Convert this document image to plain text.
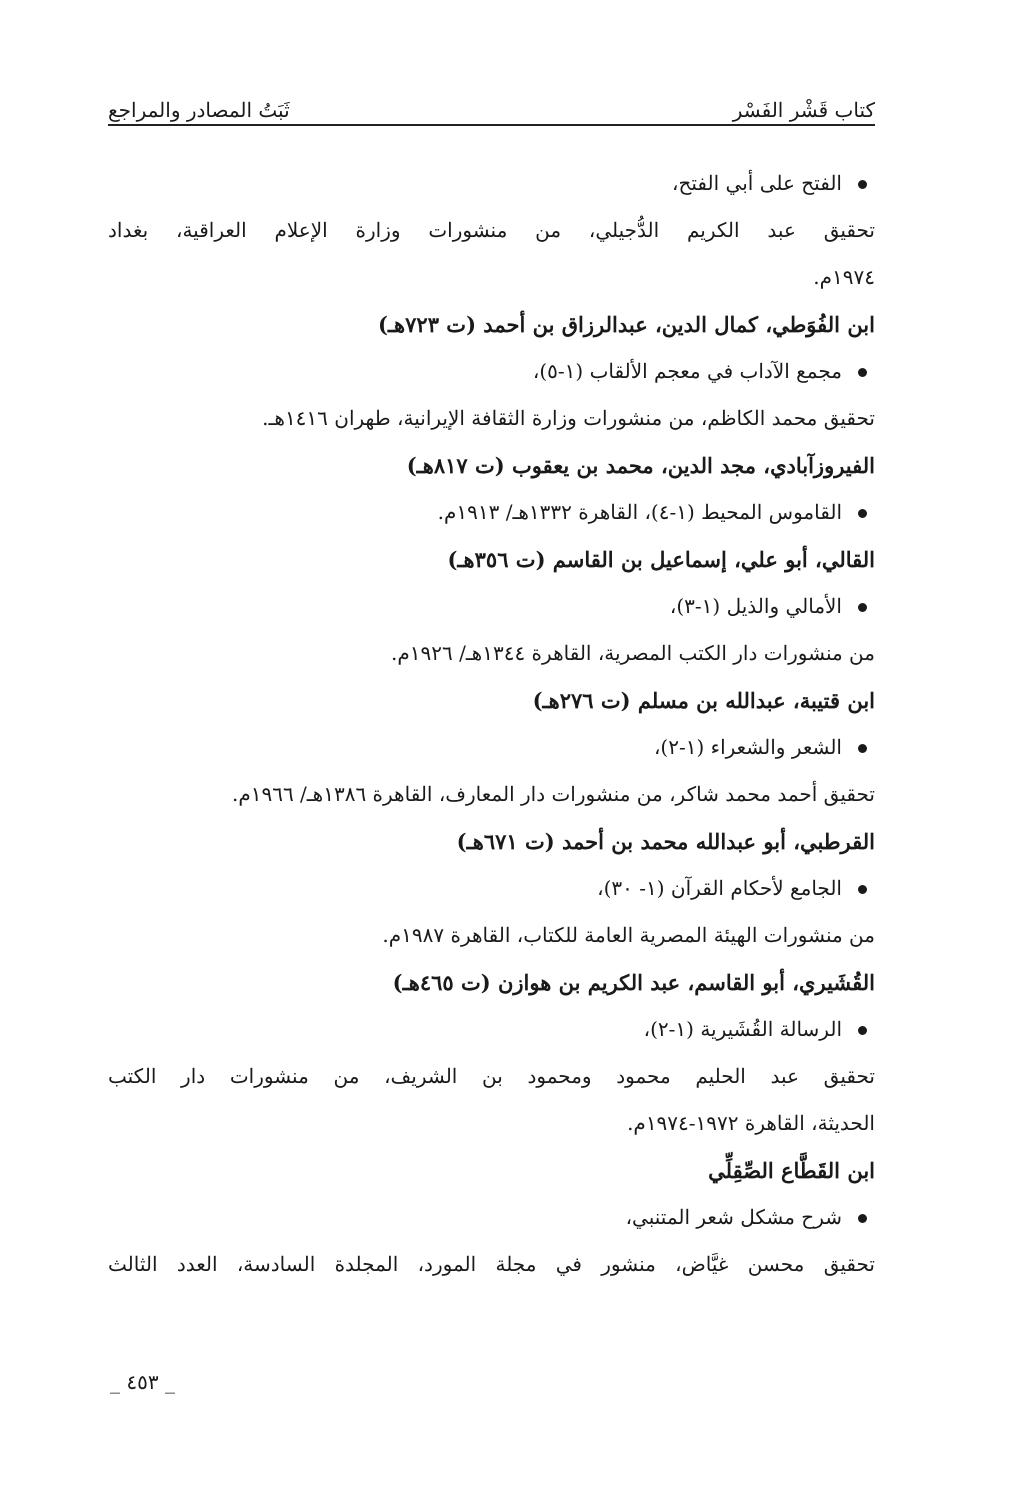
كتاب قَشْر الفَسْر
ثَبَتُ المصادر والمراجع
الفتح على أبي الفتح،
تحقيق عبد الكريم الدُّجيلي، من منشورات وزارة الإعلام العراقية، بغداد
١٩٧٤م.
ابن الفُوَطي، كمال الدين، عبدالرزاق بن أحمد (ت ٧٢٣هـ)
مجمع الآداب في معجم الألقاب (١-٥)،
تحقيق محمد الكاظم، من منشورات وزارة الثقافة الإيرانية، طهران ١٤١٦هـ.
الفيروزآبادي، مجد الدين، محمد بن يعقوب (ت ٨١٧هـ)
القاموس المحيط (١-٤)، القاهرة ١٣٣٢هـ/ ١٩١٣م.
القالي، أبو علي، إسماعيل بن القاسم (ت ٣٥٦هـ)
الأمالي والذيل (١-٣)،
من منشورات دار الكتب المصرية، القاهرة ١٣٤٤هـ/ ١٩٢٦م.
ابن قتيبة، عبدالله بن مسلم (ت ٢٧٦هـ)
الشعر والشعراء (١-٢)،
تحقيق أحمد محمد شاكر، من منشورات دار المعارف، القاهرة ١٣٨٦هـ/ ١٩٦٦م.
القرطبي، أبو عبدالله محمد بن أحمد (ت ٦٧١هـ)
الجامع لأحكام القرآن (١- ٣٠)،
من منشورات الهيئة المصرية العامة للكتاب، القاهرة ١٩٨٧م.
القُشَيري، أبو القاسم، عبد الكريم بن هوازن (ت ٤٦٥هـ)
الرسالة القُشَيرية (١-٢)،
تحقيق عبد الحليم محمود ومحمود بن الشريف، من منشورات دار الكتب
الحديثة، القاهرة ١٩٧٢-١٩٧٤م.
ابن القَطَّاع الصِّقِلِّي
شرح مشكل شعر المتنبي،
تحقيق محسن غيَّاض، منشور في مجلة المورد، المجلدة السادسة، العدد الثالث
_ ٤٥٣ _
